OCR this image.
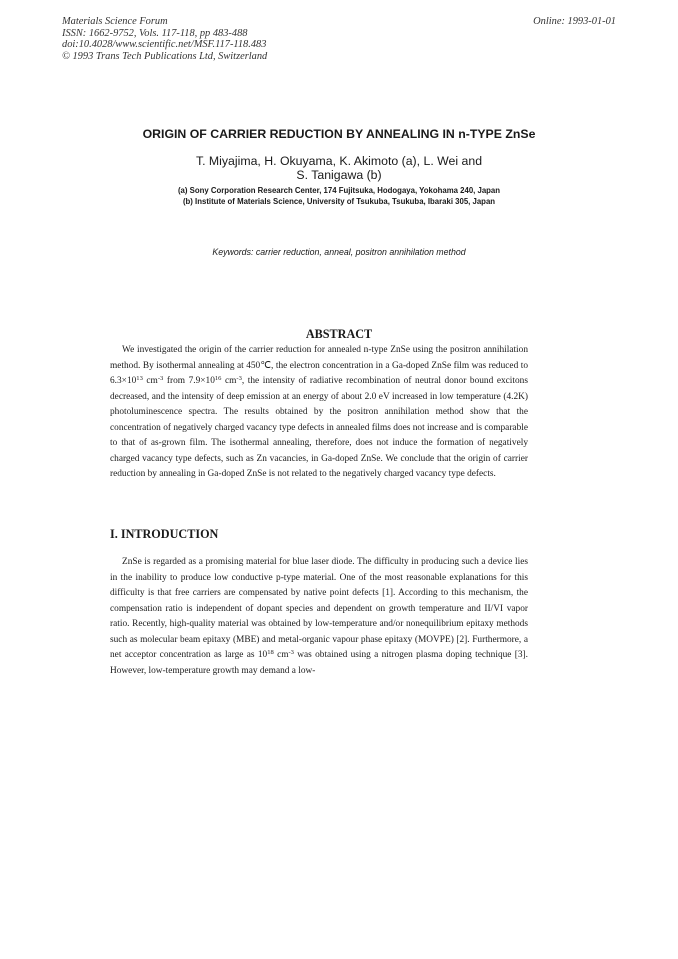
Materials Science Forum
ISSN: 1662-9752, Vols. 117-118, pp 483-488
doi:10.4028/www.scientific.net/MSF.117-118.483
© 1993 Trans Tech Publications Ltd, Switzerland
Online: 1993-01-01
ORIGIN OF CARRIER REDUCTION BY ANNEALING IN n-TYPE ZnSe
T. Miyajima, H. Okuyama, K. Akimoto (a), L. Wei and
S. Tanigawa (b)
(a) Sony Corporation Research Center, 174 Fujitsuka, Hodogaya, Yokohama 240, Japan
(b) Institute of Materials Science, University of Tsukuba, Tsukuba, Ibaraki 305, Japan
Keywords: carrier reduction, anneal, positron annihilation method
ABSTRACT

We investigated the origin of the carrier reduction for annealed n-type ZnSe using the positron annihilation method. By isothermal annealing at 450℃, the electron concentration in a Ga-doped ZnSe film was reduced to $6.3\times 10^{13}$ $cm^{-3}$ from $7.9\times 10^{16}$ $cm^{-3}$, the intensity of radiative recombination of neutral donor bound excitons decreased, and the intensity of deep emission at an energy of about 2.0 eV increased in low temperature (4.2K) photoluminescence spectra. The results obtained by the positron annihilation method show that the concentration of negatively charged vacancy type defects in annealed films does not increase and is comparable to that of as-grown film. The isothermal annealing, therefore, does not induce the formation of negatively charged vacancy type defects, such as Zn vacancies, in Ga-doped ZnSe. We conclude that the origin of carrier reduction by annealing in Ga-doped ZnSe is not related to the negatively charged vacancy type defects.

I. INTRODUCTION

ZnSe is regarded as a promising material for blue laser diode. The difficulty in producing such a device lies in the inability to produce low conductive p-type material. One of the most reasonable explanations for this difficulty is that free carriers are compensated by native point defects [1]. According to this mechanism, the compensation ratio is independent of dopant species and dependent on growth temperature and II/VI vapor ratio. Recently, high-quality material was obtained by low-temperature and/or nonequilibrium epitaxy methods such as molecular beam epitaxy (MBE) and metal-organic vapour phase epitaxy (MOVPE) [2]. Furthermore, a net acceptor concentration as large as $10^{18}$ $cm^{-3}$ was obtained using a nitrogen plasma doping technique [3]. However, low-temperature growth may demand a low-
